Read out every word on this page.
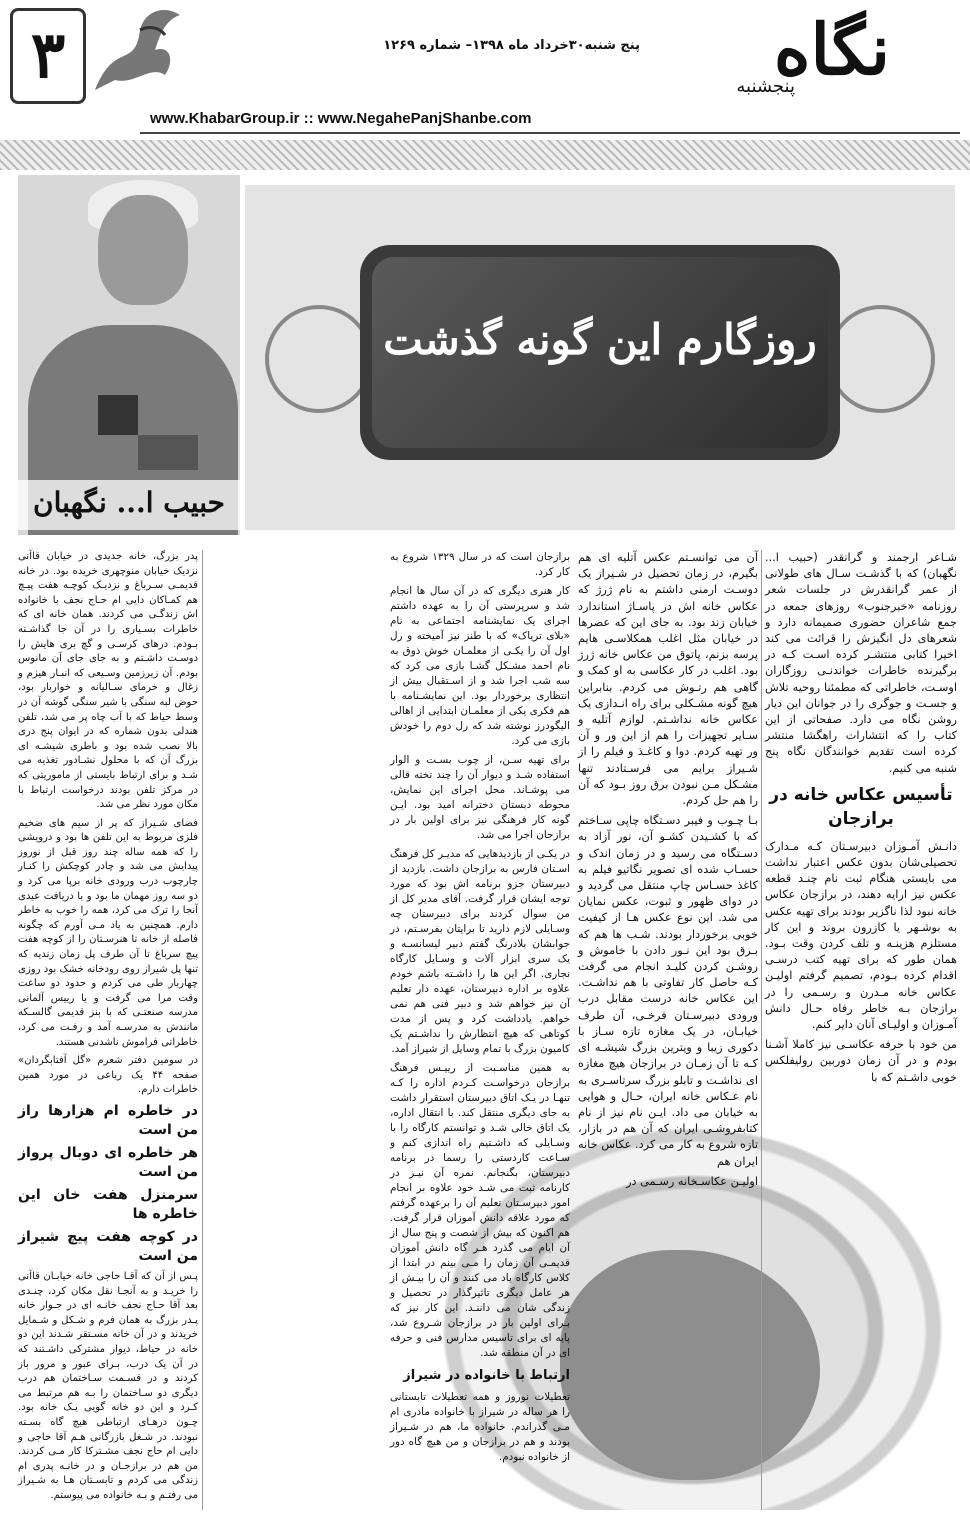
۳	پنج شنبه۳۰خرداد ماه ۱۳۹۸– شماره ۱۲۶۹
www.KhabarGroup.ir :: www.NegahePanjShanbe.com
نگاه
پنجشنبه
حبیب ا... نگهبان
روزگارم این گونه گذشت

شـاعر ارجمند و گرانقدر (حبیب ا... نگهبان) که با گذشـت سـال های طولانی از عمر گرانقدرش در جلسات شعر روزنامه «خبرجنوب» روزهای جمعه در جمع شاعران حضوری صمیمانه دارد و شعرهای دل انگیزش را قرائت می کند اخیرا کتابی منتشـر کرده اسـت کـه در برگیرنده خاطرات خواندنـی روزگاران اوسـت، خاطراتی که مطمئنا روحیه تلاش و جسـت و جوگری را در جوانان این دیار روشن نگاه می دارد. صفحاتی از این کتاب را که انتشارات راهگشا منتشر کرده است تقدیم خوانندگان نگاه پنج شنبه می کنیم.

تأسیس عکاس خانه در برازجان

دانـش آمـوزان دبیرسـتان کـه مـدارک تحصیلی‌شان بدون عکس اعتبار نداشت می بایستی هنگام ثبت نام چنـد قطعه عکس نیز ارایه دهند، در برازجان عکاس خانه نبود لذا ناگزیر بودند برای تهیه عکس به بوشـهر یا کازرون بروند و این کار مستلزم هزینـه و تلف کردن وقت بـود. همان طور که برای تهیه کتب درسـی اقدام کرده بـودم، تصمیم گرفتم اولیـن عکاس خانه مـدرن و رسـمی را در برازجان بـه خاطر رفاه حـال دانش آمـوزان و اولیـای آنان دایر کنم.

من خود با حرفه عکاسـی نیز کاملا آشـنا بودم و در آن زمان دوربین رولیفلکس خوبی داشـتم که با

آن می توانسـتم عکس آتلیه ای هم بگیرم، در زمان تحصیل در شـیراز یک دوسـت ارمنی داشتم به نام ژرژ که عکاس خانه اش در پاسـاژ استاندارد خیابان زند بود. به جای این که عصرها در خیابان مثل اغلب همکلاسـی هایم پرسه بزنم، پاتوق من عکاس خانه ژرژ بود. اغلب در کار عکاسی به او کمک و گاهی هم رتـوش می کردم. بنابراین هیچ گونه مشـکلی برای راه انـدازی یک عکاس خانه نداشـتم. لوازم آتلیه و سـایر تجهیزات را هم از این ور و آن ور تهیه کردم. دوا و کاغـذ و فیلم را از شـیراز برایم می فرسـتادند تنها مشـکل مـن نبودن برق روز بـود که آن را هم حل کردم.

بـا چـوب و فیبر دسـتگاه چاپی سـاختم که با کشـیدن کشـو آن، نور آزاد به دسـتگاه می رسید و در زمان اندک و حسـاب شده ای تصویر نگاتیو فیلم به کاغذ حسـاس چاپ منتقل می گردید و در دوای ظهور و ثبوت، عکس نمایان می شد. این نوع عکس هـا از کیفیت خوبی برخوردار بودند. شـب ها هم که بـرق بود این نـور دادن با خاموش و روشـن کردن کلیـد انجام می گرفت کـه حاصل کار تفاوتی با هم نداشـت. این عکاس خانه درست مقابل درب ورودی دبیرسـتان فرخـی، آن طرف خیابـان، در یک مغازه تازه سـاز با دکوری زیبا و ویترین بزرگ شیشـه ای کـه تا آن زمـان در برازجان هیچ مغازه ای نداشـت و تابلو بزرگ سرتاسـری به نام عـکاس خانه ایران، حـال و هوایی به خیابان می داد. ایـن نام نیز از نام کتابفروشـی ایران که آن هم در بازار، تازه شروع به کار می کرد. عکاس خانه ایران هم

اولیـن عکاسـخانه رسـمی در

برازجان است که در سال ۱۳۲۹ شروع به کار کرد.

کار هنری دیگری که در آن سال ها انجام شد و سرپرستی آن را به عهده داشتم اجرای یک نمایشنامه اجتماعی به نام «بلای تریاک» که با طنز نیز آمیخته و رل اول آن را یکـی از معلمـان خوش ذوق به نام احمد مشـکل گشـا بازی می کرد که سه شب اجرا شد و از اسـتقبال بیش از انتظاری برخوردار بود. این نمایشـنامه با هم فکری یکی از معلمـان ابتدایی از اهالی الیگودرز نوشته شد که رل دوم را خودش بازی می کرد.

برای تهیه سـن، از چوب بسـت و الوار استفاده شـد و دیوار آن را چند تخته قالی می پوشـاند. محل اجرای این نمایش، محوطه دبستان دخترانه امید بود. ایـن گونه کار فرهنگی نیز برای اولین بار در برازجان اجرا می شد.

در یکـی از بازدیدهایی که مدیـر کل فرهنگ اسـتان فارس به برازجان داشت. بازدید از دبیرستان جزو برنامه اش بود که مورد توجه ایشان قرار گرفت. آقای مدیر کل از من سوال کردند برای دبیرستان چه وسـایلی لازم دارید تا برایتان بفرسـتم، در جوابشان بلادرنگ گفتم دبیر لیسانسـه و یک سری ابزار آلات و وسـایل کارگاه نجاری. اگر این ها را داشـته باشم خودم علاوه بر اداره دبیرستان، عهده دار تعلیم آن نیز خواهم شد و دبیر فنی هم نمی خواهم. یادداشت کرد و پس از مدت کوتاهی که هیچ انتظارش را نداشـتم یک کامیون بزرگ با تمام وسایل از شیراز آمد.

به همین مناسـبت از رییـس فرهنگ برازجان درخواسـت کـردم اداره را کـه تنهـا در یـک اتاق دبیرستان استقرار داشت به جای دیگری منتقل کند. با انتقال اداره، یک اتاق خالی شـد و توانستم کارگاه را با وسـایلی که داشـتیم راه اندازی کنم و سـاعت کاردستی را رسما در برنامه دبیرستان، بگنجانم. نمره آن نیـز در کارنامه ثبت می شـد خود علاوه بر انجام امور دبیرسـتان تعلیم آن را برعهده گرفتم که مورد علاقه دانش آموزان قرار گرفت. هم اکنون که بیش از شصت و پنج سال از آن ایام می گذرد هـر گاه دانش آموزان قدیمـی آن زمان را مـی بینم در ابتدا از کلاس کارگاه یاد می کنند و آن را بیـش از هر عامل دیگری تاثیرگذار در تحصیل و زندگی شان می داننـد. این کار نیز که بـرای اولین بار در برازجان شـروع شد، پایه ای برای تاسیس مدارس فنی و حرفه ای در آن منطقه شد.

ارتباط با خانواده در شیراز

تعطیلات نوروز و همه تعطیلات تابستانی را هر ساله در شیراز با خانواده مادری ام مـی گذراندم. خانواده ما، هم در شـیراز بودند و هم در برازجان و من هیچ گاه دور از خانواده نبودم.

پدر بزرگ، خانه جدیدی در خیابان قاآنی نزدیک خیابان منوچهری خریده بود. در خانه قدیمـی سـرباغ و نزدیـک کوچـه هفت پیـچ هم کمـاکان دایی ام حـاج نجف با خانواده اش زندگـی می کردند. همان خانه ای که خاطرات بسـیاری را در آن جا گذاشـته بـودم. درهای کرسـی و گچ بری هایش را دوسـت داشـتم و به جای جای آن مانوس بودم. آن زیرزمین وسـیعی که انبـار هیزم و زغال و خرمای سـالیانه و خواربار بود، حوض لبه سنگی با شیر سنگی گوشه آن در وسط حیاط که با آب چاه پر می شد، تلفن هندلی بدون شماره که در ایوان پنج دری بالا نصب شده بود و باطری شیشـه ای بزرگ آن که با محلول نشـادور تغذیه می شـد و برای ارتباط بایستی از ماموریتی که در مرکز تلفن بودند درخواست ارتباط با مکان مورد نظر می شد.

فضای شـیراز که پر از سیم های ضخیم فلزی مربوط به این تلفن ها بود و درویشی را که همه ساله چند روز قبل از نوروز پیدایش می شد و چادر کوچکش را کنـار چارچوب درب ورودی خانه برپا می کرد و دو سه روز مهمان ما بود و با دریافت عیدی آنجا را ترک می کرد، همه را خوب به خاطر دارم. همچنین به یاد مـی آورم که چگونه فاصله از خانه تا هنرسـتان را از کوچه هفت پیچ سرباغ تا آن طرف پل زمان زندیه که تنها پل شیراز روی رودخانه خشک بود روزی چهاربار طی می کردم و حدود دو ساعت وقت مرا می گرفت و یا رییس آلمانی مدرسه صنعتـی که با بنز قدیمی گالسـکه مانندش به مدرسـه آمد و رفـت می کرد، خاطراتی فراموش ناشدنی هستند.

در سومین دفتر شعرم «گل آفتابگردان» صفحه ۴۴ یک رباعی در مورد همین خاطرات دارم.

در خاطره ام هزارها راز من است

هر خاطره ای دوبال پرواز من است

سرمنزل هفت خان این خاطره ها

در کوچه هفت پیچ شیراز من است

پـس از آن که آقـا حاجی خانه خیابـان قاآنی را خریـد و به آنجـا نقل مکان کرد، چنـدی بعد آقا حـاج نجف خانـه ای در جـوار خانه پـدر بزرگ به همان فرم و شـکل و شـمایل خریدند و در آن خانه مسـتقر شـدند این دو خانه در حیاط، دیوار مشترکی داشـتند که در آن یک درب، بـرای عبور و مرور باز کردند و در قسـمت سـاختمان هم درب دیگری دو سـاختمان را بـه هم مرتبط می کـرد و این دو خانه گویی یـک خانه بود. چـون درهـای ارتباطی هیچ گاه بسـته نبودند. در شـغل بازرگانی هـم آقا حاجی و دایی ام حاج نجف مشـترکا کار مـی کردند. من هم در برازجـان و در خانـه پدری ام زندگی می کردم و تابسـتان هـا به شـیراز می رفتـم و بـه خانواده می پیوستم.
